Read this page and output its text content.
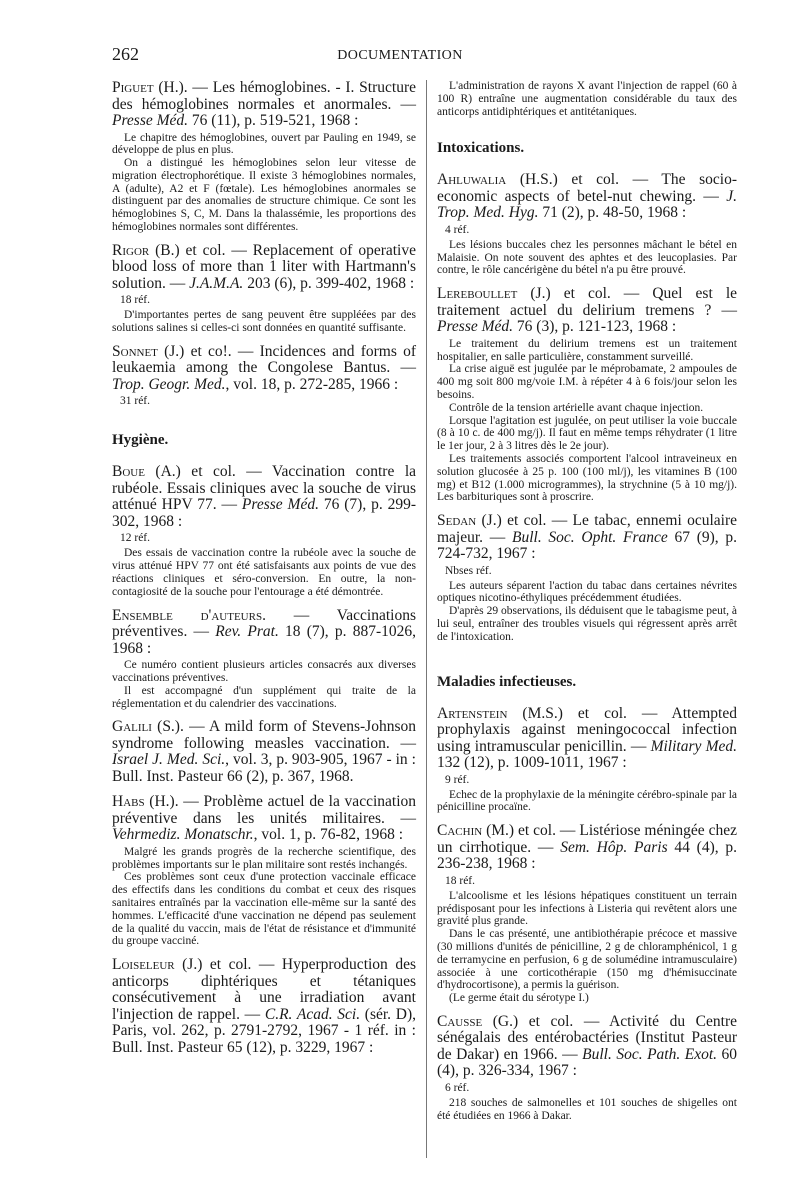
262	DOCUMENTATION

Piguet (H.). — Les hémoglobines. - I. Structure des hémoglobines normales et anormales. — Presse Méd. 76 (11), p. 519-521, 1968 :

Le chapitre des hémoglobines, ouvert par Pauling en 1949, se développe de plus en plus.

On a distingué les hémoglobines selon leur vitesse de migration électrophorétique. Il existe 3 hémoglobines normales, A (adulte), A2 et F (fœtale). Les hémoglobines anormales se distinguent par des anomalies de structure chimique. Ce sont les hémoglobines S, C, M. Dans la thalassémie, les proportions des hémoglobines normales sont différentes.

Rigor (B.) et col. — Replacement of operative blood loss of more than 1 liter with Hartmann's solution. — J.A.M.A. 203 (6), p. 399-402, 1968 :

18 réf.

D'importantes pertes de sang peuvent être suppléées par des solutions salines si celles-ci sont données en quantité suffisante.

Sonnet (J.) et co!. — Incidences and forms of leukaemia among the Congolese Bantus. — Trop. Geogr. Med., vol. 18, p. 272-285, 1966 :

31 réf.
Hygiène.

Boue (A.) et col. — Vaccination contre la rubéole. Essais cliniques avec la souche de virus atténué HPV 77. — Presse Méd. 76 (7), p. 299-302, 1968 :

12 réf.

Des essais de vaccination contre la rubéole avec la souche de virus atténué HPV 77 ont été satisfaisants aux points de vue des réactions cliniques et séro-conversion. En outre, la non-contagiosité de la souche pour l'entourage a été démontrée.

Ensemble d'auteurs. — Vaccinations préventives. — Rev. Prat. 18 (7), p. 887-1026, 1968 :

Ce numéro contient plusieurs articles consacrés aux diverses vaccinations préventives.

Il est accompagné d'un supplément qui traite de la réglementation et du calendrier des vaccinations.

Galili (S.). — A mild form of Stevens-Johnson syndrome following measles vaccination. — Israel J. Med. Sci., vol. 3, p. 903-905, 1967 - in : Bull. Inst. Pasteur 66 (2), p. 367, 1968.

Habs (H.). — Problème actuel de la vaccination préventive dans les unités militaires. — Vehrmediz. Monatschr., vol. 1, p. 76-82, 1968 :

Malgré les grands progrès de la recherche scientifique, des problèmes importants sur le plan militaire sont restés inchangés.

Ces problèmes sont ceux d'une protection vaccinale efficace des effectifs dans les conditions du combat et ceux des risques sanitaires entraînés par la vaccination elle-même sur la santé des hommes. L'efficacité d'une vaccination ne dépend pas seulement de la qualité du vaccin, mais de l'état de résistance et d'immunité du groupe vacciné.

Loiseleur (J.) et col. — Hyperproduction des anticorps diphtériques et tétaniques consécutivement à une irradiation avant l'injection de rappel. — C.R. Acad. Sci. (sér. D), Paris, vol. 262, p. 2791-2792, 1967 - 1 réf. in : Bull. Inst. Pasteur 65 (12), p. 3229, 1967 :

L'administration de rayons X avant l'injection de rappel (60 à 100 R) entraîne une augmentation considérable du taux des anticorps antidiphtériques et antitétaniques.

Intoxications.

Ahluwalia (H.S.) et col. — The socio-economic aspects of betel-nut chewing. — J. Trop. Med. Hyg. 71 (2), p. 48-50, 1968 :

4 réf.

Les lésions buccales chez les personnes mâchant le bétel en Malaisie. On note souvent des aphtes et des leucoplasies. Par contre, le rôle cancérigène du bétel n'a pu être prouvé.

Lereboullet (J.) et col. — Quel est le traitement actuel du delirium tremens ? — Presse Méd. 76 (3), p. 121-123, 1968 :

Le traitement du delirium tremens est un traitement hospitalier, en salle particulière, constamment surveillé.

La crise aiguë est jugulée par le méprobamate, 2 ampoules de 400 mg soit 800 mg/voie I.M. à répéter 4 à 6 fois/jour selon les besoins.

Contrôle de la tension artérielle avant chaque injection.

Lorsque l'agitation est jugulée, on peut utiliser la voie buccale (8 à 10 c. de 400 mg/j). Il faut en même temps réhydrater (1 litre le 1er jour, 2 à 3 litres dès le 2e jour).

Les traitements associés comportent l'alcool intraveineux en solution glucosée à 25 p. 100 (100 ml/j), les vitamines B (100 mg) et B12 (1.000 microgrammes), la strychnine (5 à 10 mg/j). Les barbituriques sont à proscrire.

Sedan (J.) et col. — Le tabac, ennemi oculaire majeur. — Bull. Soc. Opht. France 67 (9), p. 724-732, 1967 :

Nbses réf.

Les auteurs séparent l'action du tabac dans certaines névrites optiques nicotino-éthyliques précédemment étudiées.

D'après 29 observations, ils déduisent que le tabagisme peut, à lui seul, entraîner des troubles visuels qui régressent après arrêt de l'intoxication.

Maladies infectieuses.

Artenstein (M.S.) et col. — Attempted prophylaxis against meningococcal infection using intramuscular penicillin. — Military Med. 132 (12), p. 1009-1011, 1967 :

9 réf.

Echec de la prophylaxie de la méningite cérébro-spinale par la pénicilline procaïne.

Cachin (M.) et col. — Listériose méningée chez un cirrhotique. — Sem. Hôp. Paris 44 (4), p. 236-238, 1968 :

18 réf.

L'alcoolisme et les lésions hépatiques constituent un terrain prédisposant pour les infections à Listeria qui revêtent alors une gravité plus grande.

Dans le cas présenté, une antibiothérapie précoce et massive (30 millions d'unités de pénicilline, 2 g de chloramphénicol, 1 g de terramycine en perfusion, 6 g de solumédine intramusculaire) associée à une corticothérapie (150 mg d'hémisuccinate d'hydrocortisone), a permis la guérison.

(Le germe était du sérotype I.)

Causse (G.) et col. — Activité du Centre sénégalais des entérobactéries (Institut Pasteur de Dakar) en 1966. — Bull. Soc. Path. Exot. 60 (4), p. 326-334, 1967 :

6 réf.

218 souches de salmonelles et 101 souches de shigelles ont été étudiées en 1966 à Dakar.
